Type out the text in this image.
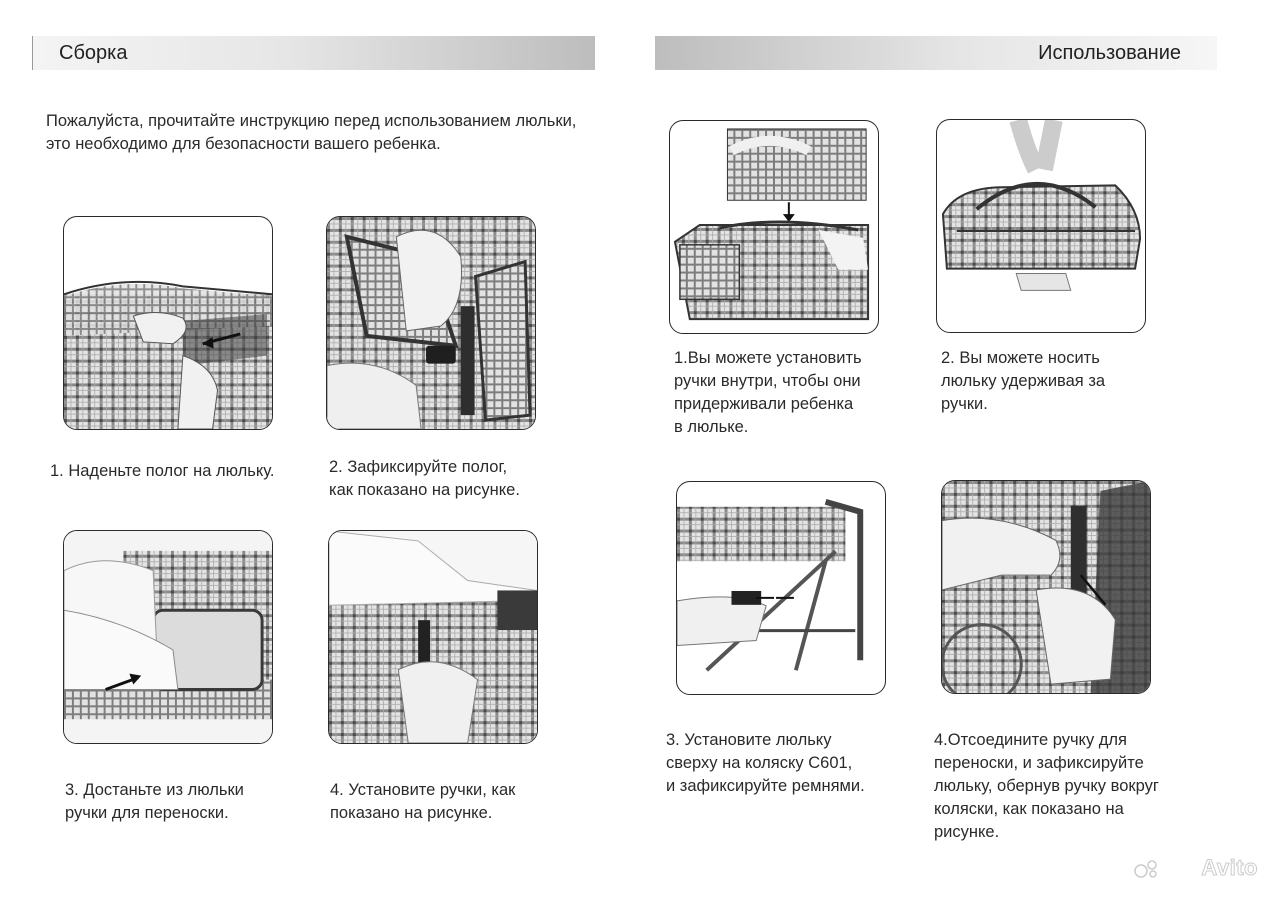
Сборка	Использование

Пожалуйста, прочитайте инструкцию перед использованием люльки, это необходимо для безопасности вашего ребенка.

1. Наденьте полог на люльку.	2. Зафиксируйте полог,
как показано на рисунке.

3. Достаньте из люльки
ручки для переноски.

4. Установите ручки, как
показано на рисунке.

1.Вы можете установить
ручки внутри, чтобы они
придерживали ребенка
в люльке.

2. Вы можете носить
люльку удерживая за
ручки.

3. Установите люльку
сверху на коляску С601,
и зафиксируйте ремнями.

4.Отсоедините ручку для
переноски, и зафиксируйте
люльку, обернув ручку вокруг
коляски, как показано на
рисунке.

Avito
